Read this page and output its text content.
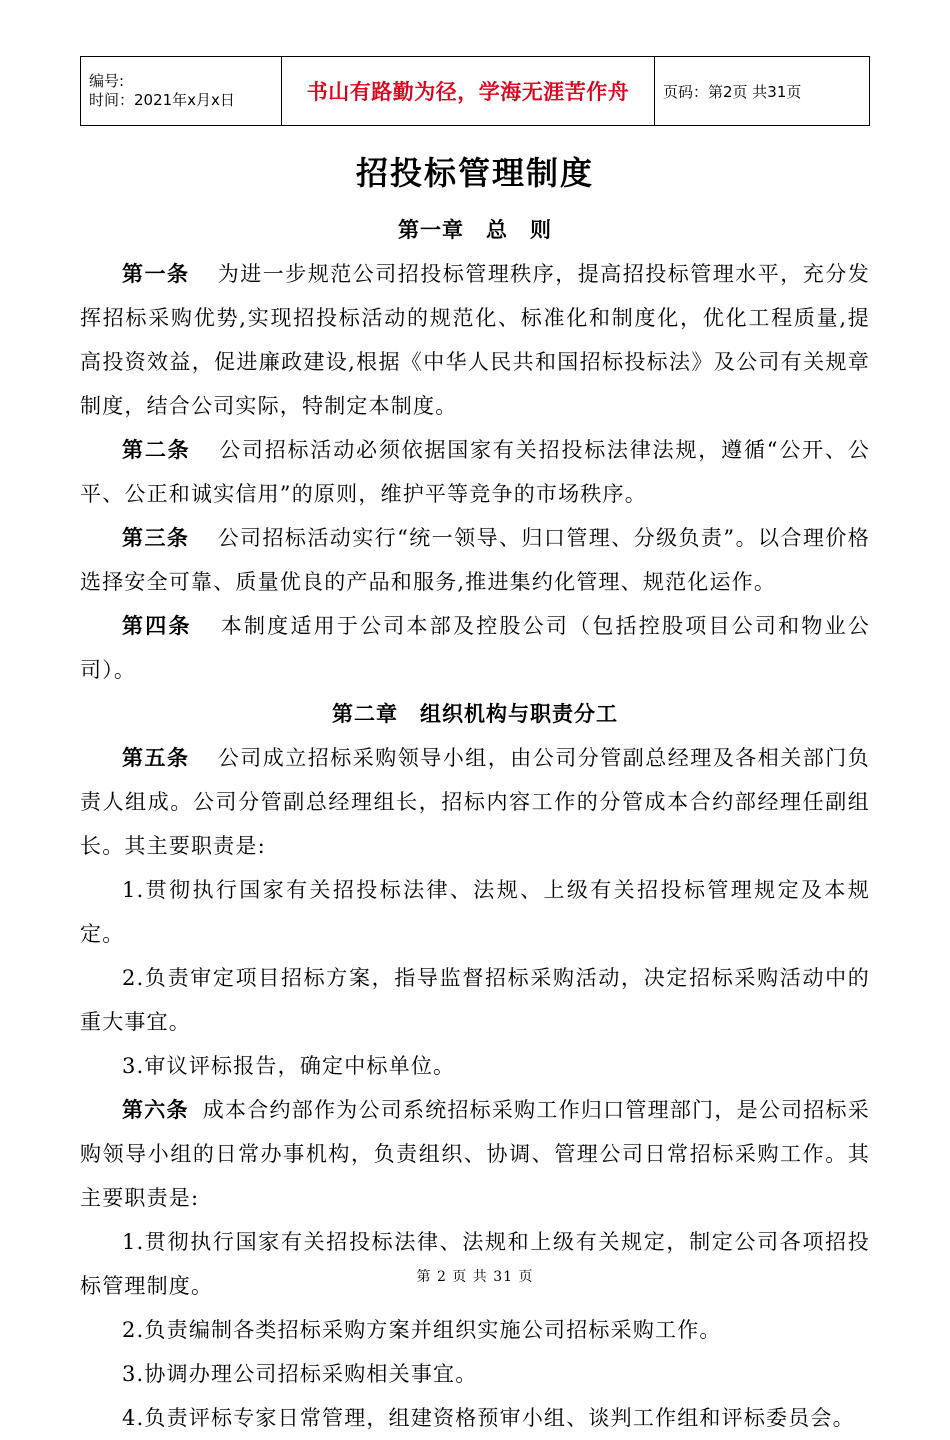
编号:
时间：2021年x月x日	书山有路勤为径，学海无涯苦作舟	页码：第2页 共31页
招投标管理制度
第一章 总 则

第一条 为进一步规范公司招投标管理秩序，提高招投标管理水平，充分发挥招标采购优势,实现招投标活动的规范化、标准化和制度化，优化工程质量,提高投资效益，促进廉政建设,根据《中华人民共和国招标投标法》及公司有关规章制度，结合公司实际，特制定本制度。

第二条 公司招标活动必须依据国家有关招投标法律法规，遵循“公开、公平、公正和诚实信用”的原则，维护平等竞争的市场秩序。

第三条 公司招标活动实行“统一领导、归口管理、分级负责”。以合理价格选择安全可靠、质量优良的产品和服务,推进集约化管理、规范化运作。

第四条 本制度适用于公司本部及控股公司（包括控股项目公司和物业公司）。

第二章 组织机构与职责分工

第五条 公司成立招标采购领导小组，由公司分管副总经理及各相关部门负责人组成。公司分管副总经理组长，招标内容工作的分管成本合约部经理任副组长。其主要职责是:

1.贯彻执行国家有关招投标法律、法规、上级有关招投标管理规定及本规定。

2.负责审定项目招标方案，指导监督招标采购活动，决定招标采购活动中的重大事宜。

3.审议评标报告，确定中标单位。

第六条 成本合约部作为公司系统招标采购工作归口管理部门，是公司招标采购领导小组的日常办事机构，负责组织、协调、管理公司日常招标采购工作。其主要职责是:

1.贯彻执行国家有关招投标法律、法规和上级有关规定，制定公司各项招投标管理制度。

2.负责编制各类招标采购方案并组织实施公司招标采购工作。

3.协调办理公司招标采购相关事宜。

4.负责评标专家日常管理，组建资格预审小组、谈判工作组和评标委员会。

第 2 页 共 31 页
